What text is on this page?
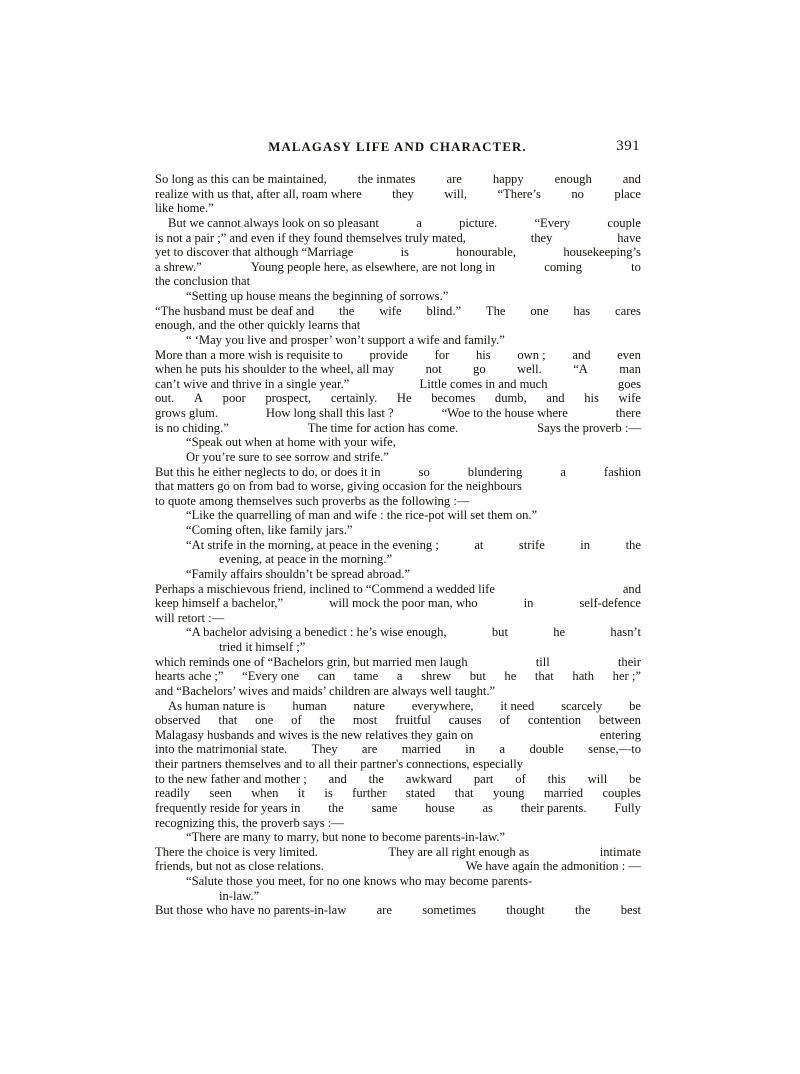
MALAGASY LIFE AND CHARACTER.	391
So long as this can be maintained, the inmates are happy enough and
realize with us that, after all, roam where they will, “There’s no place
like home.”
But we cannot always look on so pleasant	a	picture.	“Every	couple
is not a pair ;” and even if they found themselves truly mated,	they	have
yet to discover that although “Marriage	is	honourable,	housekeeping’s
a shrew.”	Young people here, as elsewhere, are not long in	coming	to
the conclusion that
“Setting up house means the beginning of sorrows.”
“The husband must be deaf and the wife blind.” The one has cares
enough, and the other quickly learns that
“ ‘May you live and prosper’ won’t support a wife and family.”
More than a more wish is requisite to provide for his own ; and even
when he puts his shoulder to the wheel, all may not go well. “A man
can’t wive and thrive in a single year.”	Little comes in and much	goes
out. A poor prospect, certainly. He becomes dumb, and his wife
grows glum.	How long shall this last ?	“Woe to the house where	there
is no chiding.”	The time for action has come.	Says the proverb :—
“Speak out when at home with your wife,
Or you’re sure to see sorrow and strife.”
But this he either neglects to do, or does it in	so	blundering	a	fashion
that matters go on from bad to worse, giving occasion for the neighbours
to quote among themselves such proverbs as the following :—
“Like the quarrelling of man and wife : the rice-pot will set them on.”
“Coming often, like family jars.”
“At strife in the morning, at peace in the evening ;	at	strife	in	the
evening, at peace in the morning.”
“Family affairs shouldn’t be spread abroad.”
Perhaps a mischievous friend, inclined to “Commend a wedded life	and
keep himself a bachelor,”	will mock the poor man, who	in	self-defence
will retort :—
“A bachelor advising a benedict : he’s wise enough,	but	he	hasn’t
tried it himself ;”
which reminds one of “Bachelors grin, but married men laugh	till	their
hearts ache ;” “Every one can tame a shrew but he that hath her ;”
and “Bachelors’ wives and maids’ children are always well taught.”
As human nature is human nature everywhere, it need scarcely be
observed that one of the most fruitful causes of contention between
Malagasy husbands and wives is the new relatives they gain on	entering
into the matrimonial state. They are married in a double sense,—to
their partners themselves and to all their partner's connections, especially
to the new father and mother ; and the awkward part of this will be
readily seen when it is further stated that young married couples
frequently reside for years in the same house as their parents. Fully
recognizing this, the proverb says :—
“There are many to marry, but none to become parents-in-law.”
There the choice is very limited.	They are all right enough as	intimate
friends, but not as close relations.	We have again the admonition : —
“Salute those you meet, for no one knows who may become parents-
in-law.”
But those who have no parents-in-law are sometimes thought the best
